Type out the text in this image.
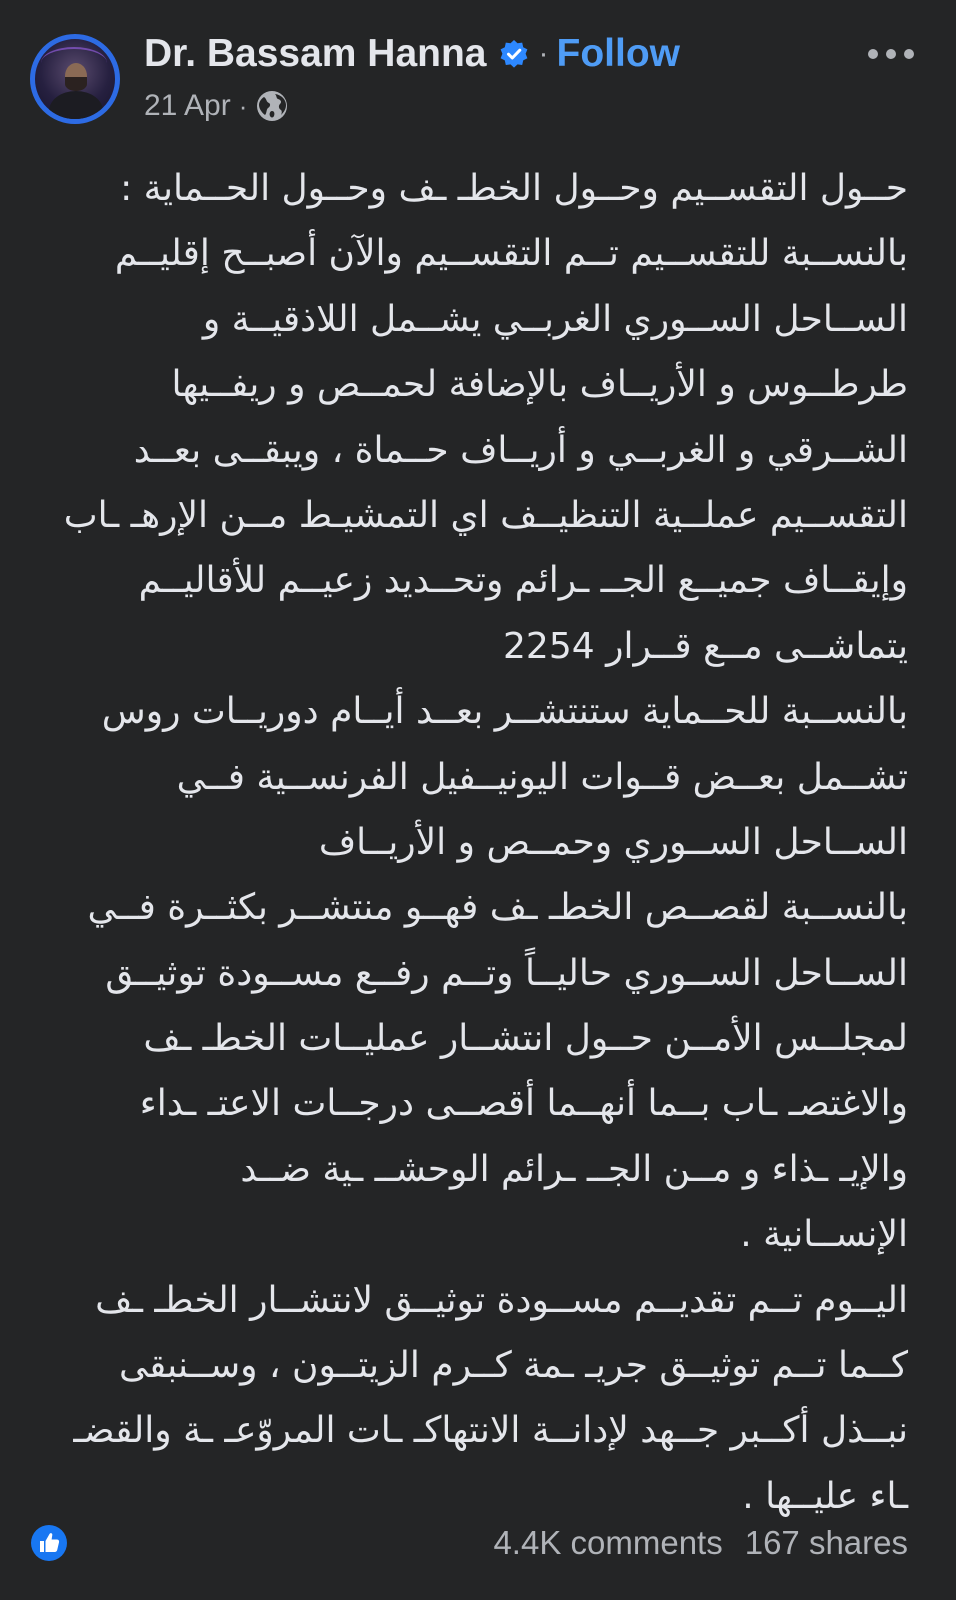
Dr. Bassam Hanna · Follow
21 Apr ·
حــول التقســيم وحــول الخطـ ـف وحــول الحــماية :
بالنســبة للتقســيم تــم التقســيم والآن أصبــح إقليــم
الســاحل الســوري الغربــي يشــمل اللاذقيــة و
طرطــوس و الأريــاف بالإضافة لحمــص و ريفــيها
الشــرقي و الغربــي و أريــاف حــماة ، ويبقــى بعــد
التقســيم عملــية التنظيــف اي التمشيـط مــن الإرهـ ـاب
وإيقــاف جميــع الجــ ـرائم وتحــديد زعيــم للأقاليــم
يتماشــى مــع قــرار 2254
بالنســبة للحــماية ستنتشــر بعــد أيــام دوريــات روس
تشــمل بعــض قــوات اليونيــفيل الفرنســية فــي
الســاحل الســوري وحمــص و الأريــاف
بالنســبة لقصــص الخطـ ـف فهــو منتشــر بكثــرة فــي
الســاحل الســوري حاليــاً وتــم رفــع مســودة توثيــق
لمجلــس الأمــن حــول انتشــار عمليــات الخطـ ـف
والاغتصـ ـاب بــما أنهــما أقصــى درجــات الاعتـ ـداء
والإيـ ـذاء و مــن الجــ ـرائم الوحشــ ـية ضــد
الإنســانية .
اليــوم تــم تقديــم مســودة توثيــق لانتشــار الخطـ ـف
كــما تــم توثيــق جريـ ـمة كــرم الزيتــون ، وســنبقى
نبــذل أكــبر جــهد لإدانــة الانتهاكـ ـات المروّعـ ـة والقضـ
ـاء عليــها .
4.4K comments 167 shares
